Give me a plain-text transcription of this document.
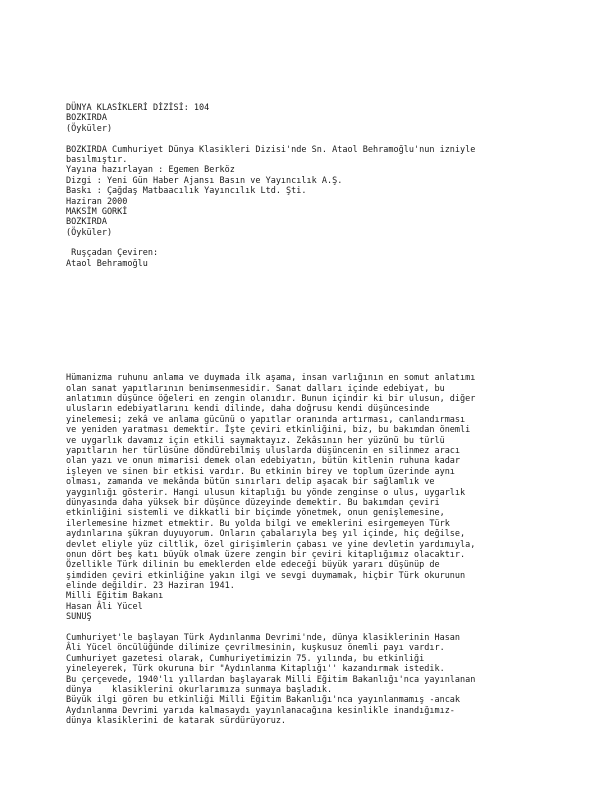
DÜNYA KLASİKLERİ DİZİSİ: 104
BOZKIRDA
(Öyküler)
BOZKIRDA Cumhuriyet Dünya Klasikleri Dizisi'nde Sn. Ataol Behramoğlu'nun izniyle
basılmıştır.
Yayına hazırlayan : Egemen Berköz
Dizgi : Yeni Gün Haber Ajansı Basın ve Yayıncılık A.Ş.
Baskı : Çağdaş Matbaacılık Yayıncılık Ltd. Şti.
Haziran 2000
MAKSİM GORKİ
BOZKIRDA
(Öyküler)
Ruşçadan Çeviren:
Ataol Behramoğlu
Hümanizma ruhunu anlama ve duymada ilk aşama, insan varlığının en somut anlatımı
olan sanat yapıtlarının benimsenmesidir. Sanat dalları içinde edebiyat, bu
anlatımın düşünce öğeleri en zengin olanıdır. Bunun içindir ki bir ulusun, diğer
ulusların edebiyatlarını kendi dilinde, daha doğrusu kendi düşüncesinde
yinelemesi; zekâ ve anlama gücünü o yapıtlar oranında artırması, canlandırması
ve yeniden yaratması demektir. İşte çeviri etkinliğini, biz, bu bakımdan önemli
ve uygarlık davamız için etkili saymaktayız. Zekâsının her yüzünü bu türlü
yapıtların her türlüsüne döndürebilmiş uluslarda düşüncenin en silinmez aracı
olan yazı ve onun mimarisi demek olan edebiyatın, bütün kitlenin ruhuna kadar
işleyen ve sinen bir etkisi vardır. Bu etkinin birey ve toplum üzerinde aynı
olması, zamanda ve mekânda bütün sınırları delip aşacak bir sağlamlık ve
yaygınlığı gösterir. Hangi ulusun kitaplığı bu yönde zenginse o ulus, uygarlık
dünyasında daha yüksek bir düşünce düzeyinde demektir. Bu bakımdan çeviri
etkinliğini sistemli ve dikkatli bir biçimde yönetmek, onun genişlemesine,
ilerlemesine hizmet etmektir. Bu yolda bilgi ve emeklerini esirgemeyen Türk
aydınlarına şükran duyuyorum. Onların çabalarıyla beş yıl içinde, hiç değilse,
devlet eliyle yüz ciltlik, özel girişimlerin çabası ve yine devletin yardımıyla,
onun dört beş katı büyük olmak üzere zengin bir çeviri kitaplığımız olacaktır.
Özellikle Türk dilinin bu emeklerden elde edeceği büyük yararı düşünüp de
şimdiden çeviri etkinliğine yakın ilgi ve sevgi duymamak, hiçbir Türk okurunun
elinde değildir. 23 Haziran 1941.
Milli Eğitim Bakanı
Hasan Âli Yücel
SUNUŞ
Cumhuriyet'le başlayan Türk Aydınlanma Devrimi'nde, dünya klasiklerinin Hasan
Âli Yücel öncülüğünde dilimize çevrilmesinin, kuşkusuz önemli payı vardır.
Cumhuriyet gazetesi olarak, Cumhuriyetimizin 75. yılında, bu etkinliği
yineleyerek, Türk okuruna bir "Aydınlanma Kitaplığı'' kazandırmak istedik.
Bu çerçevede, 1940'lı yıllardan başlayarak Milli Eğitim Bakanlığı'nca yayınlanan
dünya    klasiklerini okurlarımıza sunmaya başladık.
Büyük ilgi gören bu etkinliği Milli Eğitim Bakanlığı'nca yayınlanmamış -ancak
Aydınlanma Devrimi yarıda kalmasaydı yayınlanacağına kesinlikle inandığımız-
dünya klasiklerini de katarak sürdürüyoruz.
